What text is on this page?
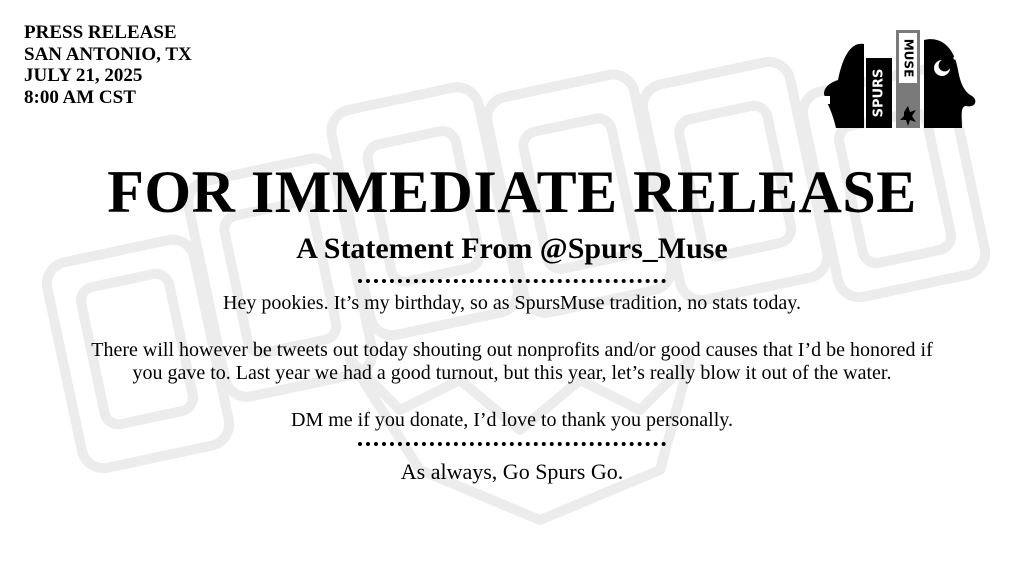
PRESS RELEASE
SAN ANTONIO, TX
JULY 21, 2025
8:00 AM CST	SPURS
MUSE
FOR IMMEDIATE RELEASE
A Statement From @Spurs_Muse
Hey pookies. It’s my birthday, so as SpursMuse tradition, no stats today.
There will however be tweets out today shouting out nonprofits and/or good causes that I’d be honored if you gave to. Last year we had a good turnout, but this year, let’s really blow it out of the water.
DM me if you donate, I’d love to thank you personally.
As always, Go Spurs Go.
